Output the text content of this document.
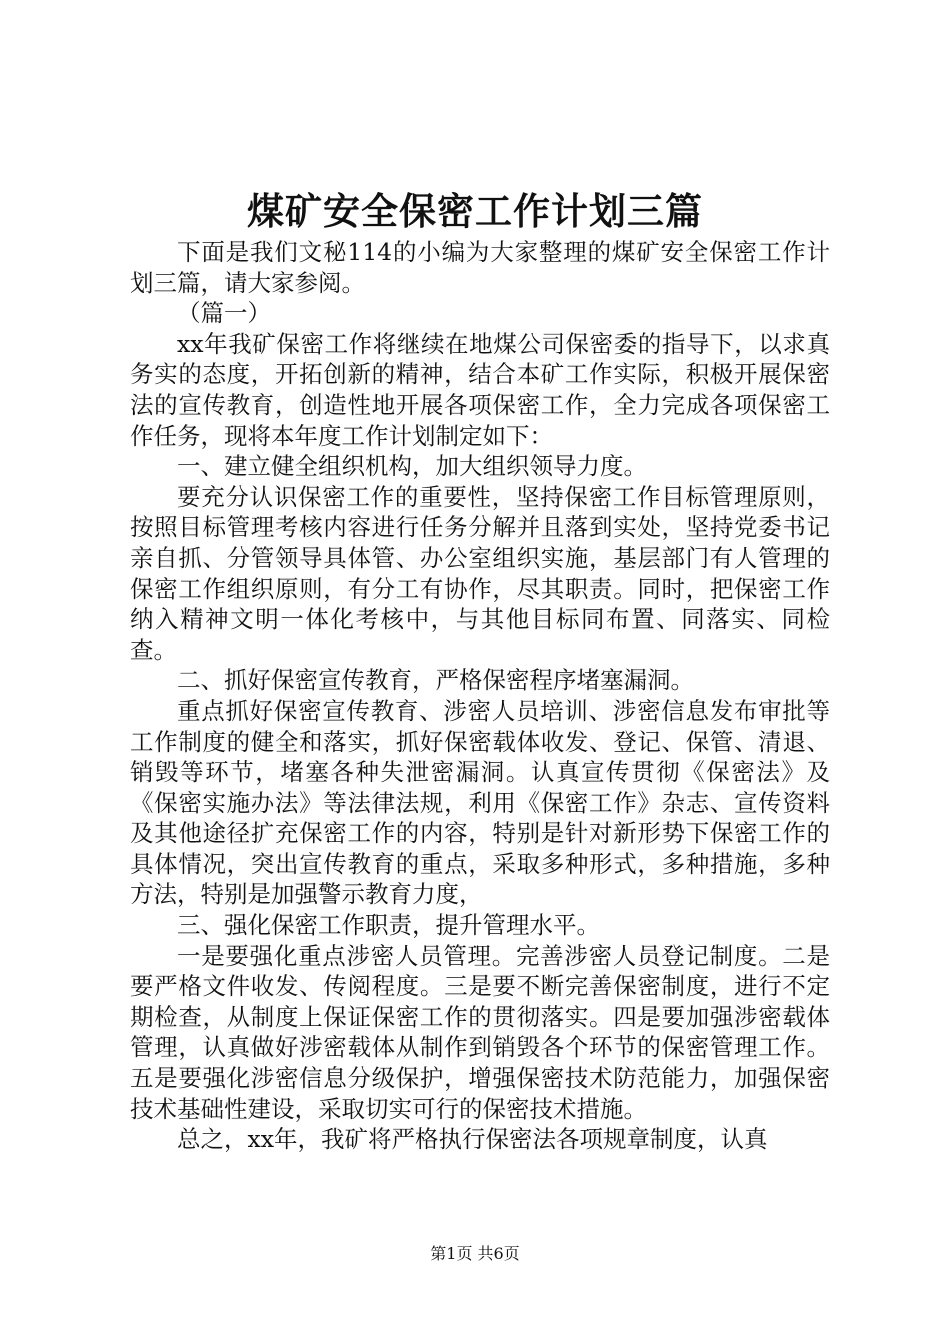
煤矿安全保密工作计划三篇

下面是我们文秘114的小编为大家整理的煤矿安全保密工作计划三篇，请大家参阅。

（篇一）

xx年我矿保密工作将继续在地煤公司保密委的指导下，以求真务实的态度，开拓创新的精神，结合本矿工作实际，积极开展保密法的宣传教育，创造性地开展各项保密工作，全力完成各项保密工作任务，现将本年度工作计划制定如下：

一、建立健全组织机构，加大组织领导力度。

要充分认识保密工作的重要性，坚持保密工作目标管理原则，按照目标管理考核内容进行任务分解并且落到实处，坚持党委书记亲自抓、分管领导具体管、办公室组织实施，基层部门有人管理的保密工作组织原则，有分工有协作，尽其职责。同时，把保密工作纳入精神文明一体化考核中，与其他目标同布置、同落实、同检查。

二、抓好保密宣传教育，严格保密程序堵塞漏洞。

重点抓好保密宣传教育、涉密人员培训、涉密信息发布审批等工作制度的健全和落实，抓好保密载体收发、登记、保管、清退、销毁等环节，堵塞各种失泄密漏洞。认真宣传贯彻《保密法》及《保密实施办法》等法律法规，利用《保密工作》杂志、宣传资料及其他途径扩充保密工作的内容，特别是针对新形势下保密工作的具体情况，突出宣传教育的重点，采取多种形式，多种措施，多种方法，特别是加强警示教育力度，

三、强化保密工作职责，提升管理水平。

一是要强化重点涉密人员管理。完善涉密人员登记制度。二是要严格文件收发、传阅程度。三是要不断完善保密制度，进行不定期检查，从制度上保证保密工作的贯彻落实。四是要加强涉密载体管理，认真做好涉密载体从制作到销毁各个环节的保密管理工作。五是要强化涉密信息分级保护，增强保密技术防范能力，加强保密技术基础性建设，采取切实可行的保密技术措施。

总之，xx年，我矿将严格执行保密法各项规章制度，认真

第1页 共6页
